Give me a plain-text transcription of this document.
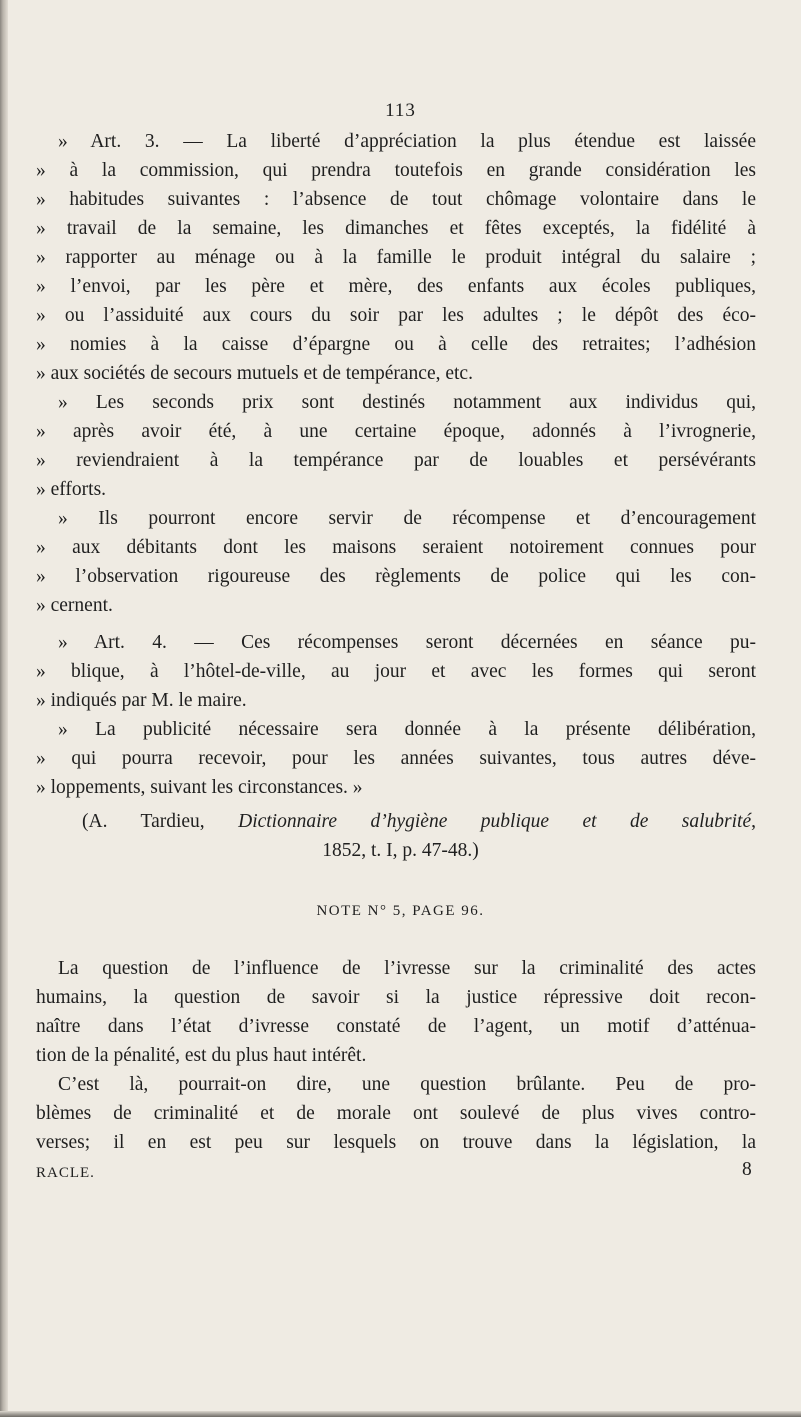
113
» Art. 3. — La liberté d’appréciation la plus étendue est laissée
» à la commission, qui prendra toutefois en grande considération les
» habitudes suivantes : l’absence de tout chômage volontaire dans le
» travail de la semaine, les dimanches et fêtes exceptés, la fidélité à
» rapporter au ménage ou à la famille le produit intégral du salaire ;
» l’envoi, par les père et mère, des enfants aux écoles publiques,
» ou l’assiduité aux cours du soir par les adultes ; le dépôt des éco-
» nomies à la caisse d’épargne ou à celle des retraites; l’adhésion
» aux sociétés de secours mutuels et de tempérance, etc.
» Les seconds prix sont destinés notamment aux individus qui,
» après avoir été, à une certaine époque, adonnés à l’ivrognerie,
» reviendraient à la tempérance par de louables et persévérants
» efforts.
» Ils pourront encore servir de récompense et d’encouragement
» aux débitants dont les maisons seraient notoirement connues pour
» l’observation rigoureuse des règlements de police qui les con-
» cernent.
» Art. 4. — Ces récompenses seront décernées en séance pu-
» blique, à l’hôtel-de-ville, au jour et avec les formes qui seront
» indiqués par M. le maire.
» La publicité nécessaire sera donnée à la présente délibération,
» qui pourra recevoir, pour les années suivantes, tous autres déve-
» loppements, suivant les circonstances. »
(A. Tardieu, Dictionnaire d’hygiène publique et de salubrité,
1852, t. I, p. 47-48.)
NOTE N° 5, PAGE 96.
La question de l’influence de l’ivresse sur la criminalité des actes
humains, la question de savoir si la justice répressive doit recon-
naître dans l’état d’ivresse constaté de l’agent, un motif d’atténua-
tion de la pénalité, est du plus haut intérêt.
C’est là, pourrait-on dire, une question brûlante. Peu de pro-
blèmes de criminalité et de morale ont soulevé de plus vives contro-
verses; il en est peu sur lesquels on trouve dans la législation, la
RACLE.	8
